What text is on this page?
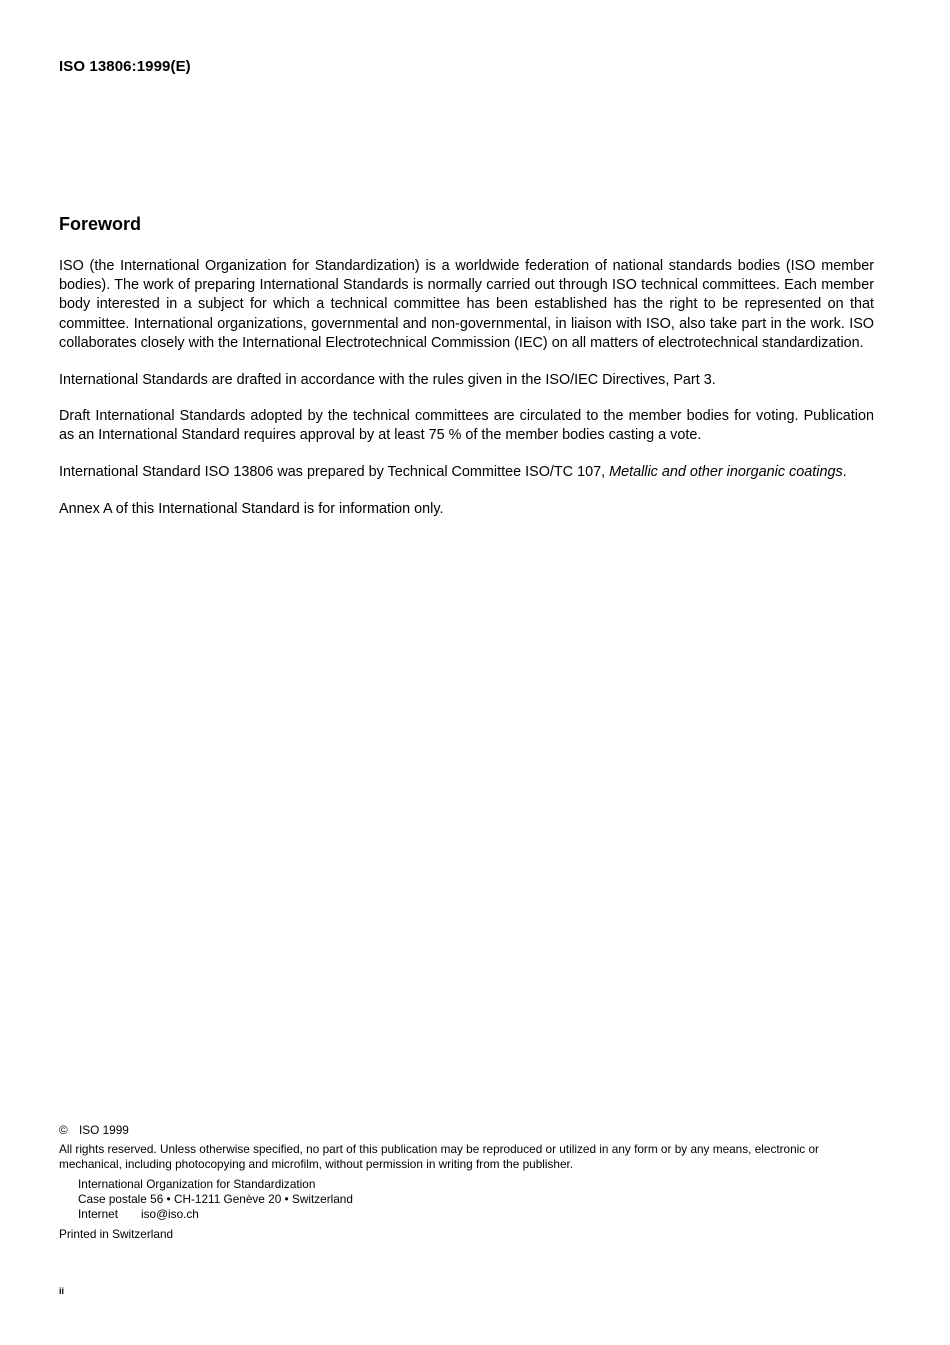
ISO 13806:1999(E)
Foreword

ISO (the International Organization for Standardization) is a worldwide federation of national standards bodies (ISO member bodies). The work of preparing International Standards is normally carried out through ISO technical committees. Each member body interested in a subject for which a technical committee has been established has the right to be represented on that committee. International organizations, governmental and non-governmental, in liaison with ISO, also take part in the work. ISO collaborates closely with the International Electrotechnical Commission (IEC) on all matters of electrotechnical standardization.

International Standards are drafted in accordance with the rules given in the ISO/IEC Directives, Part 3.

Draft International Standards adopted by the technical committees are circulated to the member bodies for voting. Publication as an International Standard requires approval by at least 75 % of the member bodies casting a vote.

International Standard ISO 13806 was prepared by Technical Committee ISO/TC 107, Metallic and other inorganic coatings.

Annex A of this International Standard is for information only.

© ISO 1999
All rights reserved. Unless otherwise specified, no part of this publication may be reproduced or utilized in any form or by any means, electronic or mechanical, including photocopying and microfilm, without permission in writing from the publisher.
International Organization for Standardization
Case postale 56 • CH-1211 Genève 20 • Switzerland
Internet iso@iso.ch
Printed in Switzerland
ii
